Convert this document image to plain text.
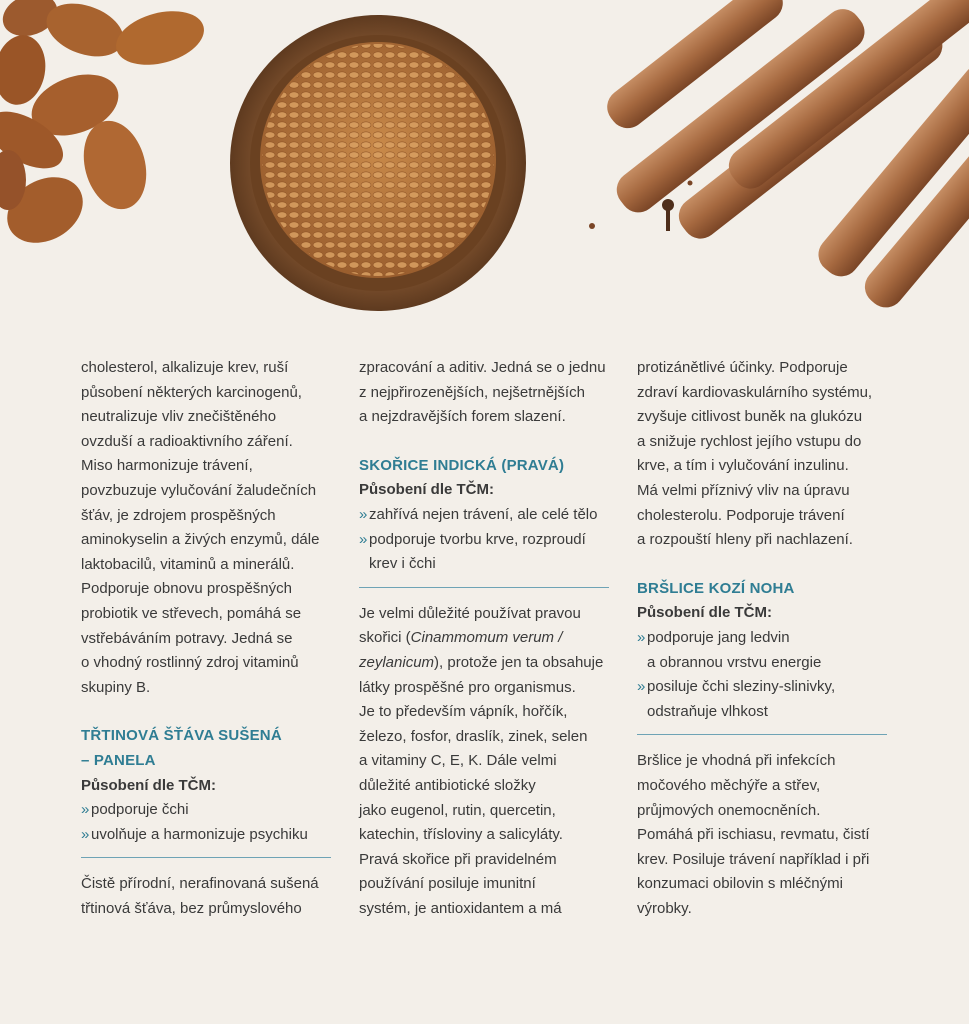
cholesterol, alkalizuje krev, ruší

působení některých karcinogenů,

neutralizuje vliv znečištěného

ovzduší a radioaktivního záření.

Miso harmonizuje trávení,

povzbuzuje vylučování žaludečních

šťáv, je zdrojem prospěšných

aminokyselin a živých enzymů, dále

laktobacilů, vitaminů a minerálů.

Podporuje obnovu prospěšných

probiotik ve střevech, pomáhá se

vstřebáváním potravy. Jedná se

o vhodný rostlinný zdroj vitaminů

skupiny B.

TŘTINOVÁ ŠŤÁVA SUŠENÁ

– PANELA

Působení dle TČM:

» podporuje čchi

» uvolňuje a harmonizuje psychiku

Čistě přírodní, nerafinovaná sušená

třtinová šťáva, bez průmyslového

zpracování a aditiv. Jedná se o jednu

z nejpřirozenějších, nejšetrnějších

a nejzdravějších forem slazení.

SKOŘICE INDICKÁ (PRAVÁ)

Působení dle TČM:

» zahřívá nejen trávení, ale celé tělo

» podporuje tvorbu krve, rozproudí

krev i čchi

Je velmi důležité používat pravou

skořici (Cinammomum verum /

zeylanicum), protože jen ta obsahuje

látky prospěšné pro organismus.

Je to především vápník, hořčík,

železo, fosfor, draslík, zinek, selen

a vitaminy C, E, K. Dále velmi

důležité antibiotické složky

jako eugenol, rutin, quercetin,

katechin, třísloviny a salicyláty.

Pravá skořice při pravidelném

používání posiluje imunitní

systém, je antioxidantem a má

protizánětlivé účinky. Podporuje

zdraví kardiovaskulárního systému,

zvyšuje citlivost buněk na glukózu

a snižuje rychlost jejího vstupu do

krve, a tím i vylučování inzulinu.

Má velmi příznivý vliv na úpravu

cholesterolu. Podporuje trávení

a rozpouští hleny při nachlazení.

BRŠLICE KOZÍ NOHA

Působení dle TČM:

» podporuje jang ledvin

a obrannou vrstvu energie

» posiluje čchi sleziny-slinivky,

odstraňuje vlhkost

Bršlice je vhodná při infekcích

močového měchýře a střev,

průjmových onemocněních.

Pomáhá při ischiasu, revmatu, čistí

krev. Posiluje trávení například i při

konzumaci obilovin s mléčnými

výrobky.
